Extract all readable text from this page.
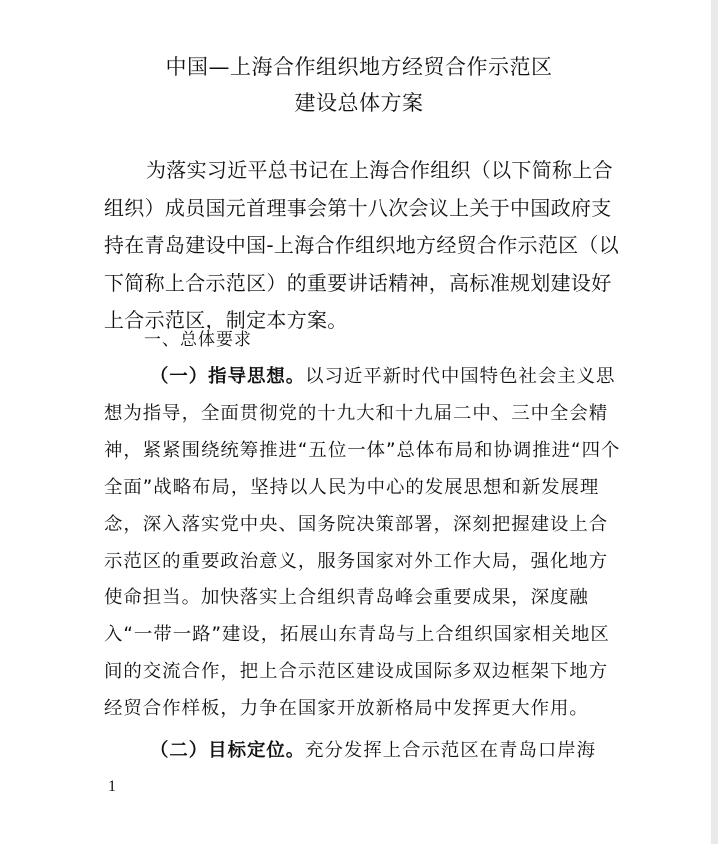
中国—上海合作组织地方经贸合作示范区
建设总体方案
为落实习近平总书记在上海合作组织（以下简称上合组织）成员国元首理事会第十八次会议上关于中国政府支持在青岛建设中国-上海合作组织地方经贸合作示范区（以下简称上合示范区）的重要讲话精神，高标准规划建设好上合示范区，制定本方案。
一、总体要求
（一）指导思想。以习近平新时代中国特色社会主义思想为指导，全面贯彻党的十九大和十九届二中、三中全会精神，紧紧围绕统筹推进“五位一体”总体布局和协调推进“四个全面”战略布局，坚持以人民为中心的发展思想和新发展理念，深入落实党中央、国务院决策部署，深刻把握建设上合示范区的重要政治意义，服务国家对外工作大局，强化地方使命担当。加快落实上合组织青岛峰会重要成果，深度融入“一带一路”建设，拓展山东青岛与上合组织国家相关地区间的交流合作，把上合示范区建设成国际多双边框架下地方经贸合作样板，力争在国家开放新格局中发挥更大作用。
（二）目标定位。充分发挥上合示范区在青岛口岸海
1
